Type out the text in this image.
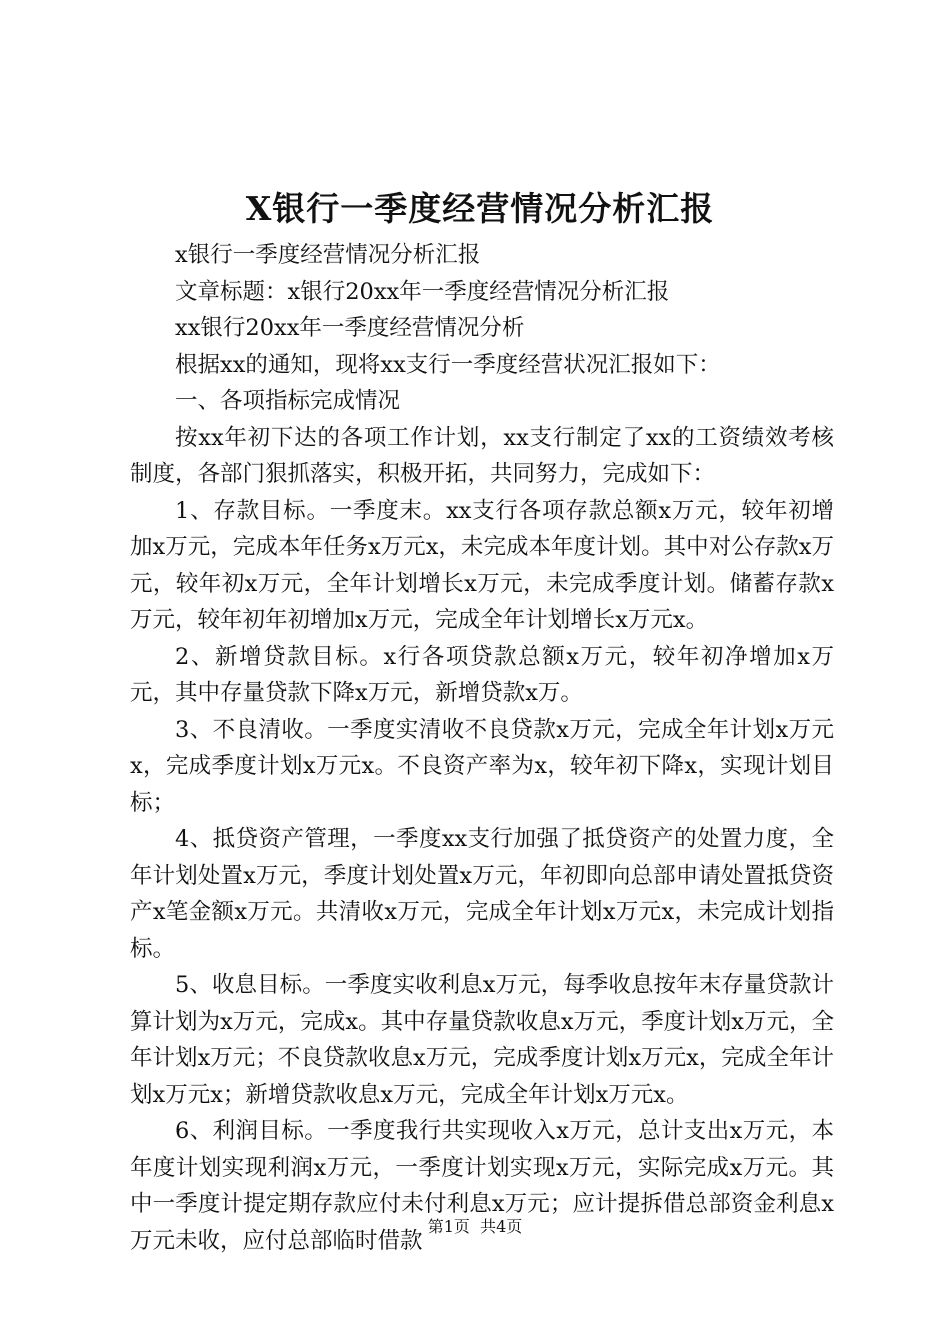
X银行一季度经营情况分析汇报

x银行一季度经营情况分析汇报

文章标题：x银行20xx年一季度经营情况分析汇报

xx银行20xx年一季度经营情况分析

根据xx的通知，现将xx支行一季度经营状况汇报如下：

一、各项指标完成情况

按xx年初下达的各项工作计划，xx支行制定了xx的工资绩效考核制度，各部门狠抓落实，积极开拓，共同努力，完成如下：

1、存款目标。一季度末。xx支行各项存款总额x万元，较年初增加x万元，完成本年任务x万元x，未完成本年度计划。其中对公存款x万元，较年初x万元，全年计划增长x万元，未完成季度计划。储蓄存款x万元，较年初年初增加x万元，完成全年计划增长x万元x。

2、新增贷款目标。x行各项贷款总额x万元，较年初净增加x万元，其中存量贷款下降x万元，新增贷款x万。

3、不良清收。一季度实清收不良贷款x万元，完成全年计划x万元x，完成季度计划x万元x。不良资产率为x，较年初下降x，实现计划目标；

4、抵贷资产管理，一季度xx支行加强了抵贷资产的处置力度，全年计划处置x万元，季度计划处置x万元，年初即向总部申请处置抵贷资产x笔金额x万元。共清收x万元，完成全年计划x万元x，未完成计划指标。

5、收息目标。一季度实收利息x万元，每季收息按年末存量贷款计算计划为x万元，完成x。其中存量贷款收息x万元，季度计划x万元，全年计划x万元；不良贷款收息x万元，完成季度计划x万元x，完成全年计划x万元x；新增贷款收息x万元，完成全年计划x万元x。

6、利润目标。一季度我行共实现收入x万元，总计支出x万元，本年度计划实现利润x万元，一季度计划实现x万元，实际完成x万元。其中一季度计提定期存款应付未付利息x万元；应计提拆借总部资金利息x万元未收，应付总部临时借款

第1页 共4页
